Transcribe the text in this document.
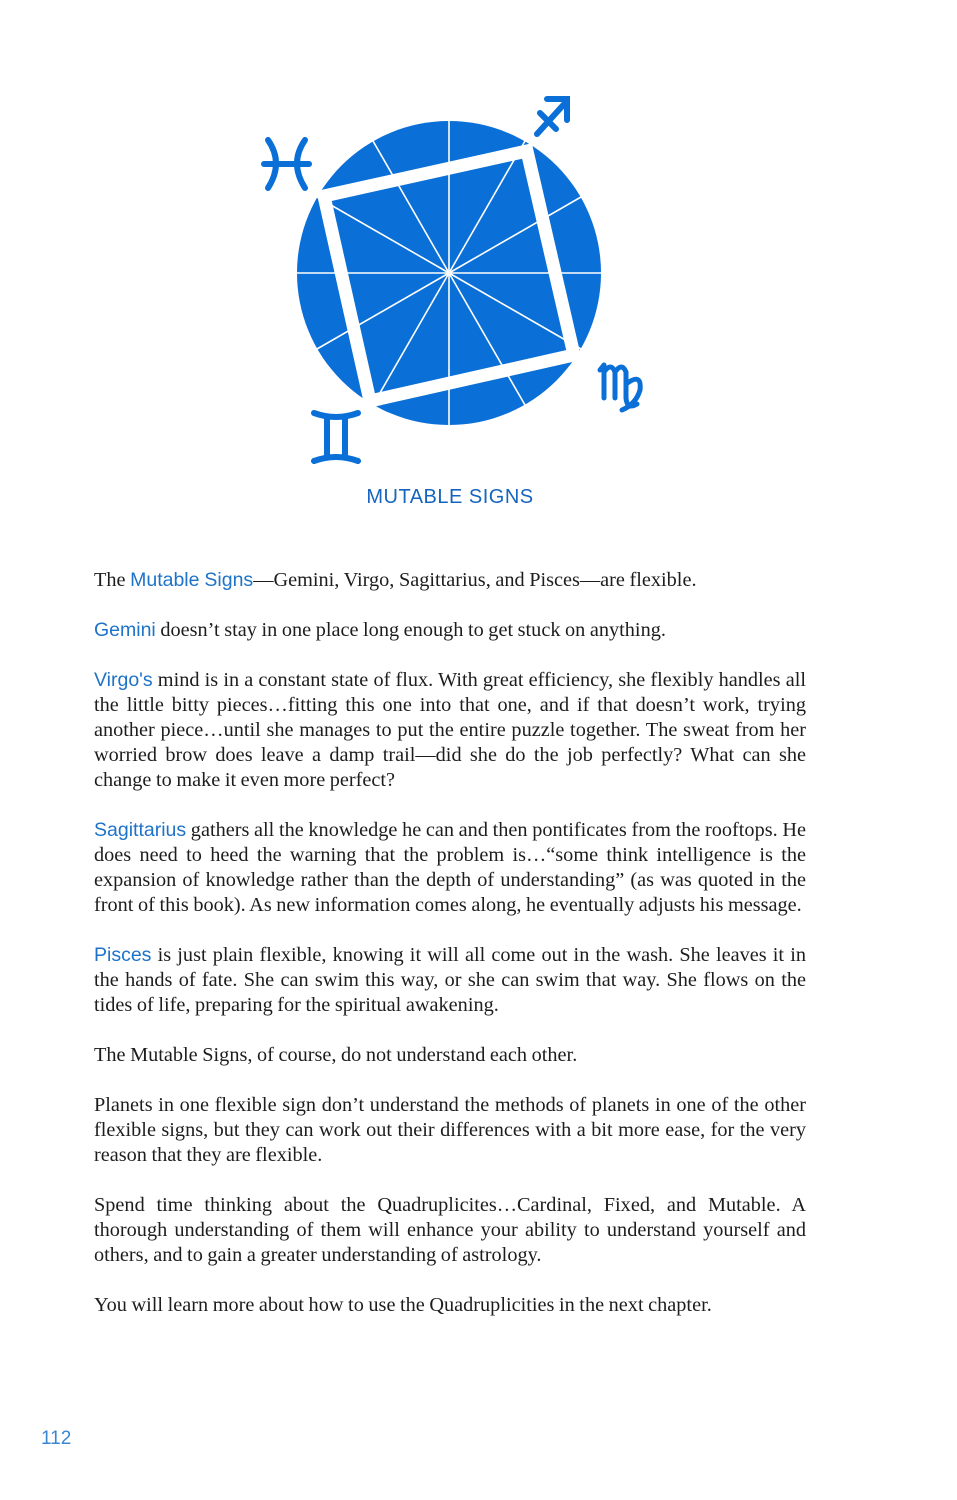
MUTABLE SIGNS

The Mutable Signs—Gemini, Virgo, Sagittarius, and Pisces—are flexible.

Gemini doesn’t stay in one place long enough to get stuck on anything.

Virgo's mind is in a constant state of flux. With great efficiency, she flexibly handles all the little bitty pieces…fitting this one into that one, and if that doesn’t work, trying another piece…until she manages to put the entire puzzle together. The sweat from her worried brow does leave a damp trail—did she do the job perfectly? What can she change to make it even more perfect?

Sagittarius gathers all the knowledge he can and then pontificates from the rooftops. He does need to heed the warning that the problem is…“some think intelligence is the expansion of knowledge rather than the depth of understanding” (as was quoted in the front of this book). As new information comes along, he eventually adjusts his message.

Pisces is just plain flexible, knowing it will all come out in the wash. She leaves it in the hands of fate. She can swim this way, or she can swim that way. She flows on the tides of life, preparing for the spiritual awakening.

The Mutable Signs, of course, do not understand each other.

Planets in one flexible sign don’t understand the methods of planets in one of the other flexible signs, but they can work out their differences with a bit more ease, for the very reason that they are flexible.

Spend time thinking about the Quadruplicites…Cardinal, Fixed, and Mutable. A thorough understanding of them will enhance your ability to understand yourself and others, and to gain a greater understanding of astrology.

You will learn more about how to use the Quadruplicities in the next chapter.

112
